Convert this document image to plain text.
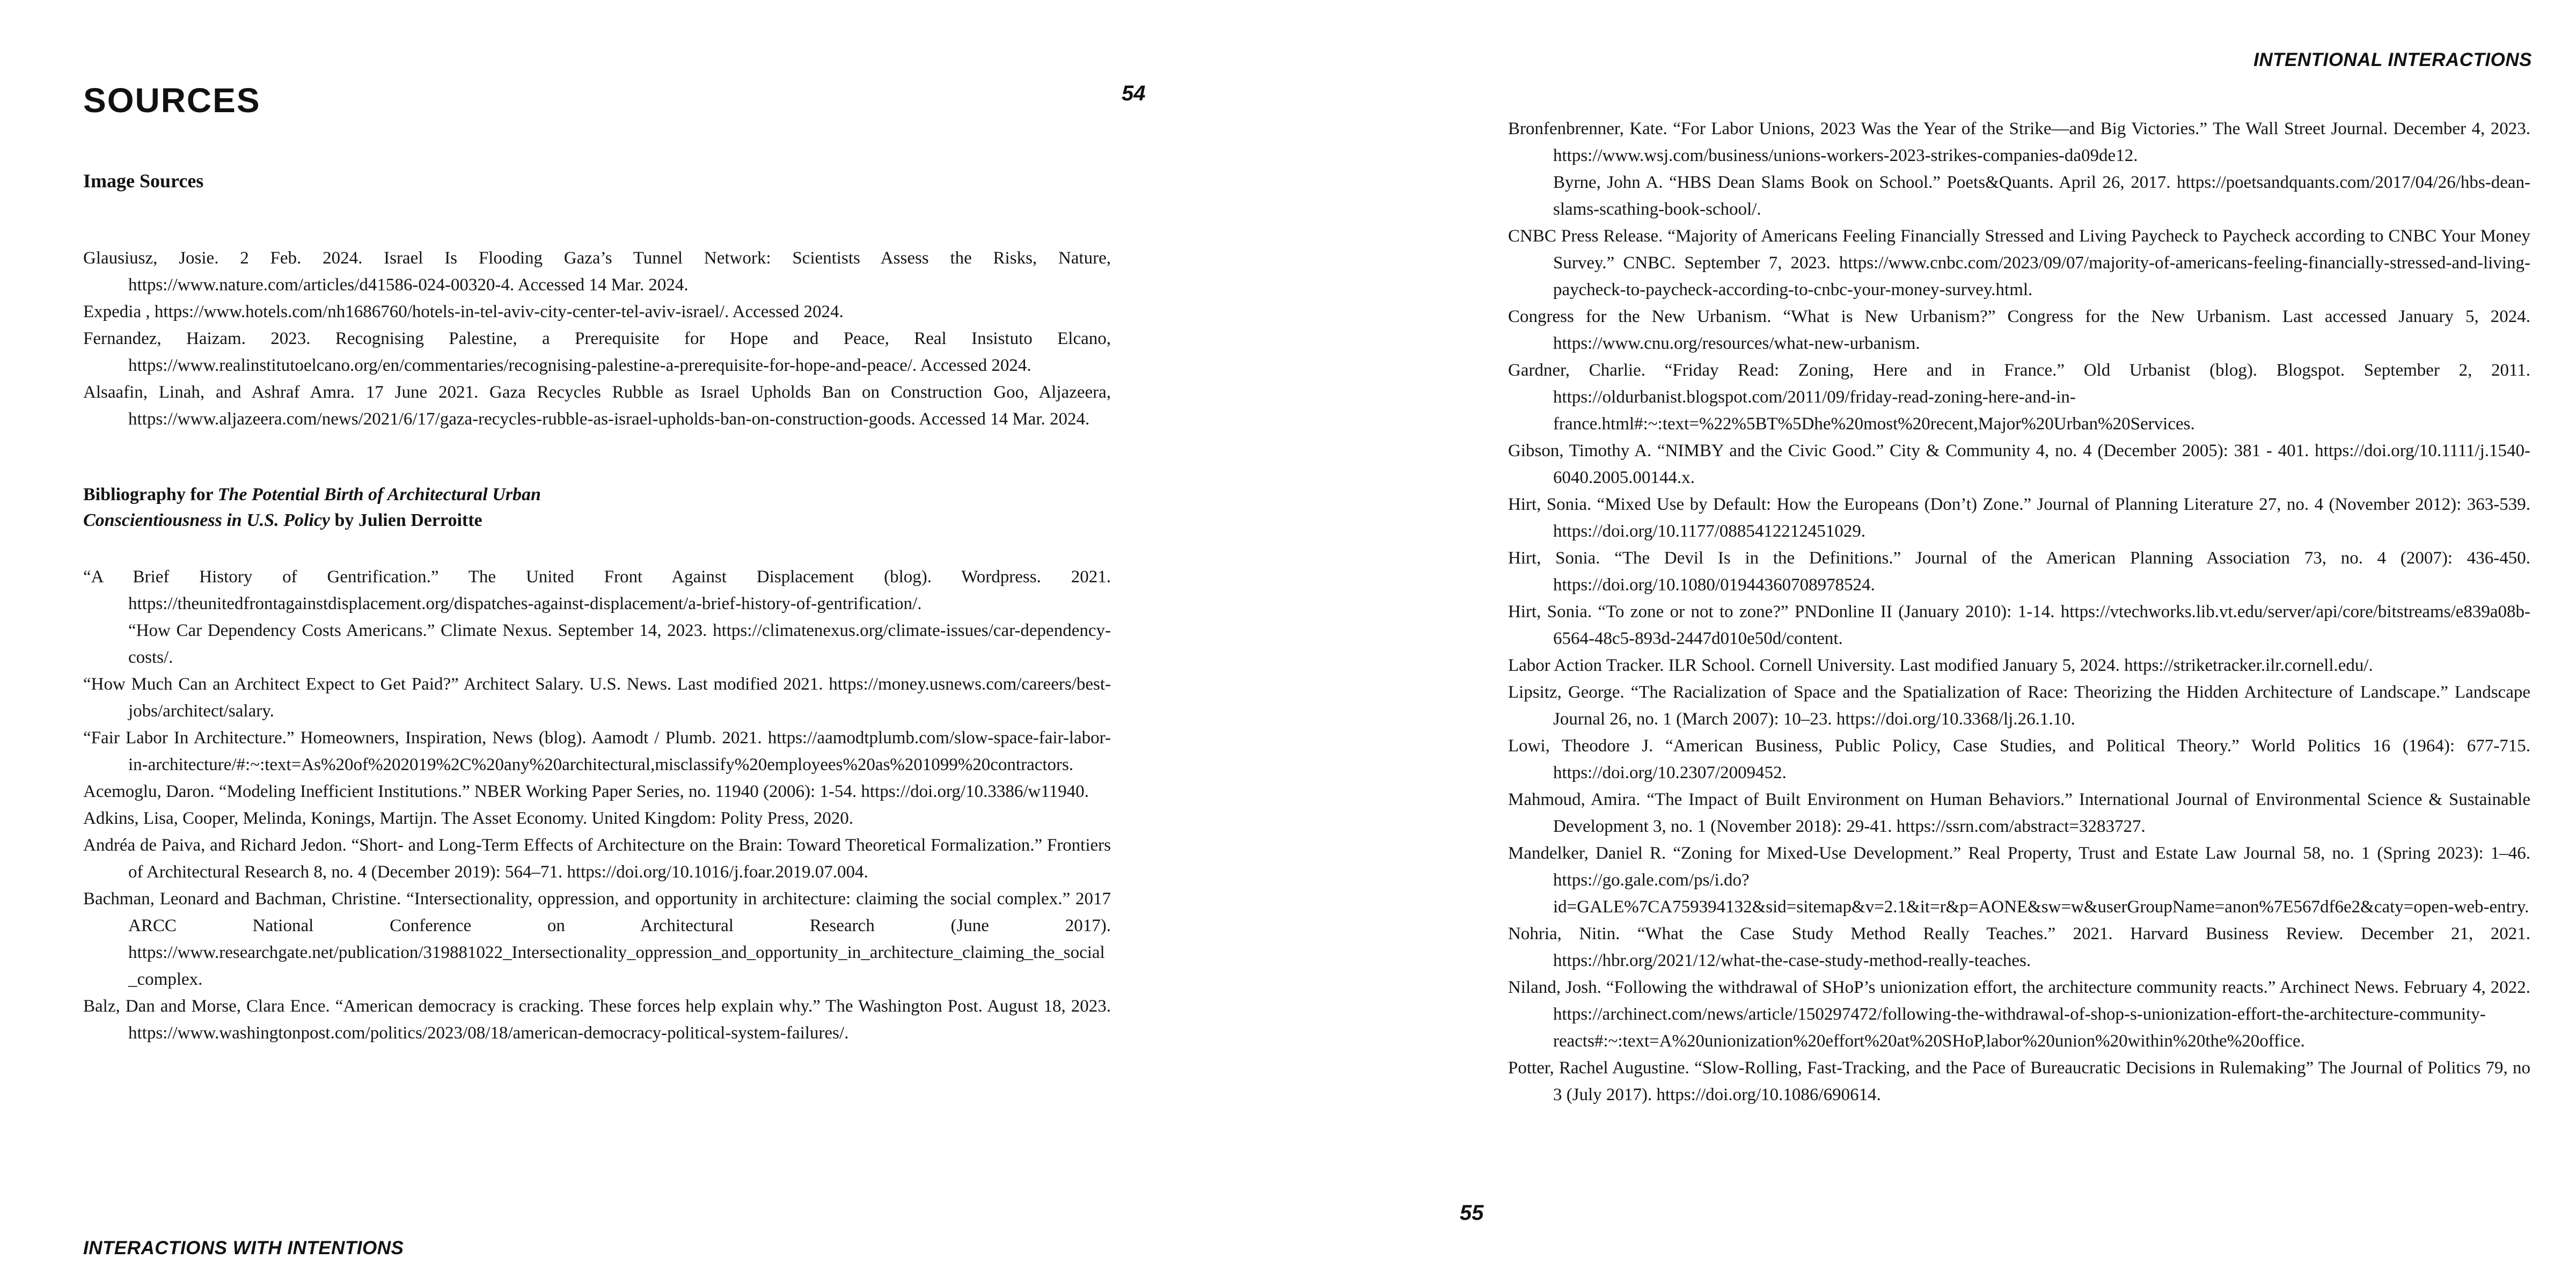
SOURCES
Image Sources

Glausiusz, Josie. 2 Feb. 2024. Israel Is Flooding Gaza’s Tunnel Network: Scientists Assess the Risks, Nature, https://www.nature.com/articles/d41586-024-00320-4. Accessed 14 Mar. 2024.

Expedia , https://www.hotels.com/nh1686760/hotels-in-tel-aviv-city-center-tel-aviv-israel/. Accessed 2024.

Fernandez, Haizam. 2023. Recognising Palestine, a Prerequisite for Hope and Peace, Real Insistuto Elcano, https://www.realinstitutoelcano.org/en/commentaries/recognising-palestine-a-prerequisite-for-hope-and-peace/. Accessed 2024.

Alsaafin, Linah, and Ashraf Amra. 17 June 2021. Gaza Recycles Rubble as Israel Upholds Ban on Construction Goo, Aljazeera, https://www.aljazeera.com/news/2021/6/17/gaza-recycles-rubble-as-israel-upholds-ban-on-construction-goods. Accessed 14 Mar. 2024.

Bibliography for The Potential Birth of Architectural Urban
Conscientiousness in U.S. Policy by Julien Derroitte

“A Brief History of Gentrification.” The United Front Against Displacement (blog). Wordpress. 2021. https://theunitedfrontagainstdisplacement.org/dispatches-against-displacement/a-brief-history-of-gentrification/.

“How Car Dependency Costs Americans.” Climate Nexus. September 14, 2023. https://climatenexus.org/climate-issues/car-dependency-costs/.

“How Much Can an Architect Expect to Get Paid?” Architect Salary. U.S. News. Last modified 2021. https://money.usnews.com/careers/best-jobs/architect/salary.

“Fair Labor In Architecture.” Homeowners, Inspiration, News (blog). Aamodt / Plumb. 2021. https://aamodtplumb.com/slow-space-fair-labor-in-architecture/#:~:text=As%20of%202019%2C%20any%20architectural,misclassify%20employees%20as%201099%20contractors.

Acemoglu, Daron. “Modeling Inefficient Institutions.” NBER Working Paper Series, no. 11940 (2006): 1-54. https://doi.org/10.3386/w11940.

Adkins, Lisa, Cooper, Melinda, Konings, Martijn. The Asset Economy. United Kingdom: Polity Press, 2020.

Andréa de Paiva, and Richard Jedon. “Short- and Long-Term Effects of Architecture on the Brain: Toward Theoretical Formalization.” Frontiers of Architectural Research 8, no. 4 (December 2019): 564–71. https://doi.org/10.1016/j.foar.2019.07.004.

Bachman, Leonard and Bachman, Christine. “Intersectionality, oppression, and opportunity in architecture: claiming the social complex.” 2017 ARCC National Conference on Architectural Research (June 2017). https://www.researchgate.net/publication/319881022_Intersectionality_oppression_and_opportunity_in_architecture_claiming_the_social_complex.

Balz, Dan and Morse, Clara Ence. “American democracy is cracking. These forces help explain why.” The Washington Post. August 18, 2023. https://www.washingtonpost.com/politics/2023/08/18/american-democracy-political-system-failures/.

54
INTERACTIONS WITH INTENTIONS

Bronfenbrenner, Kate. “For Labor Unions, 2023 Was the Year of the Strike—and Big Victories.” The Wall Street Journal. December 4, 2023. https://www.wsj.com/business/unions-workers-2023-strikes-companies-da09de12.

Byrne, John A. “HBS Dean Slams Book on School.” Poets&Quants. April 26, 2017. https://poetsandquants.com/2017/04/26/hbs-dean-slams-scathing-book-school/.

CNBC Press Release. “Majority of Americans Feeling Financially Stressed and Living Paycheck to Paycheck according to CNBC Your Money Survey.” CNBC. September 7, 2023. https://www.cnbc.com/2023/09/07/majority-of-americans-feeling-financially-stressed-and-living-paycheck-to-paycheck-according-to-cnbc-your-money-survey.html.

Congress for the New Urbanism. “What is New Urbanism?” Congress for the New Urbanism. Last accessed January 5, 2024. https://www.cnu.org/resources/what-new-urbanism.

Gardner, Charlie. “Friday Read: Zoning, Here and in France.” Old Urbanist (blog). Blogspot. September 2, 2011. https://oldurbanist.blogspot.com/2011/09/friday-read-zoning-here-and-in-france.html#:~:text=%22%5BT%5Dhe%20most%20recent,Major%20Urban%20Services.

Gibson, Timothy A. “NIMBY and the Civic Good.” City & Community 4, no. 4 (December 2005): 381 - 401. https://doi.org/10.1111/j.1540-6040.2005.00144.x.

Hirt, Sonia. “Mixed Use by Default: How the Europeans (Don’t) Zone.” Journal of Planning Literature 27, no. 4 (November 2012): 363-539. https://doi.org/10.1177/0885412212451029.

Hirt, Sonia. “The Devil Is in the Definitions.” Journal of the American Planning Association 73, no. 4 (2007): 436-450. https://doi.org/10.1080/01944360708978524.

Hirt, Sonia. “To zone or not to zone?” PNDonline II (January 2010): 1-14. https://vtechworks.lib.vt.edu/server/api/core/bitstreams/e839a08b-6564-48c5-893d-2447d010e50d/content.

Labor Action Tracker. ILR School. Cornell University. Last modified January 5, 2024. https://striketracker.ilr.cornell.edu/.

Lipsitz, George. “The Racialization of Space and the Spatialization of Race: Theorizing the Hidden Architecture of Landscape.” Landscape Journal 26, no. 1 (March 2007): 10–23. https://doi.org/10.3368/lj.26.1.10.

Lowi, Theodore J. “American Business, Public Policy, Case Studies, and Political Theory.” World Politics 16 (1964): 677-715. https://doi.org/10.2307/2009452.

Mahmoud, Amira. “The Impact of Built Environment on Human Behaviors.” International Journal of Environmental Science & Sustainable Development 3, no. 1 (November 2018): 29-41. https://ssrn.com/abstract=3283727.

Mandelker, Daniel R. “Zoning for Mixed-Use Development.” Real Property, Trust and Estate Law Journal 58, no. 1 (Spring 2023): 1–46. https://go.gale.com/ps/i.do?id=GALE%7CA759394132&sid=sitemap&v=2.1&it=r&p=AONE&sw=w&userGroupName=anon%7E567df6e2&caty=open-web-entry.

Nohria, Nitin. “What the Case Study Method Really Teaches.” 2021. Harvard Business Review. December 21, 2021. https://hbr.org/2021/12/what-the-case-study-method-really-teaches.

Niland, Josh. “Following the withdrawal of SHoP’s unionization effort, the architecture community reacts.” Archinect News. February 4, 2022. https://archinect.com/news/article/150297472/following-the-withdrawal-of-shop-s-unionization-effort-the-architecture-community-reacts#:~:text=A%20unionization%20effort%20at%20SHoP,labor%20union%20within%20the%20office.

Potter, Rachel Augustine. “Slow-Rolling, Fast-Tracking, and the Pace of Bureaucratic Decisions in Rulemaking” The Journal of Politics 79, no 3 (July 2017). https://doi.org/10.1086/690614.

INTENTIONAL INTERACTIONS
55
